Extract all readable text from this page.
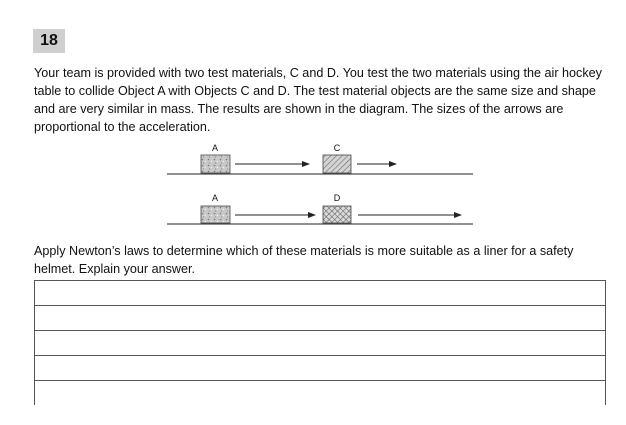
18

Your team is provided with two test materials, C and D. You test the two materials using the air hockey table to collide Object A with Objects C and D. The test material objects are the same size and shape and are very similar in mass. The results are shown in the diagram. The sizes of the arrows are proportional to the acceleration.

A	C
A	D

Apply Newton’s laws to determine which of these materials is more suitable as a liner for a safety helmet. Explain your answer.
